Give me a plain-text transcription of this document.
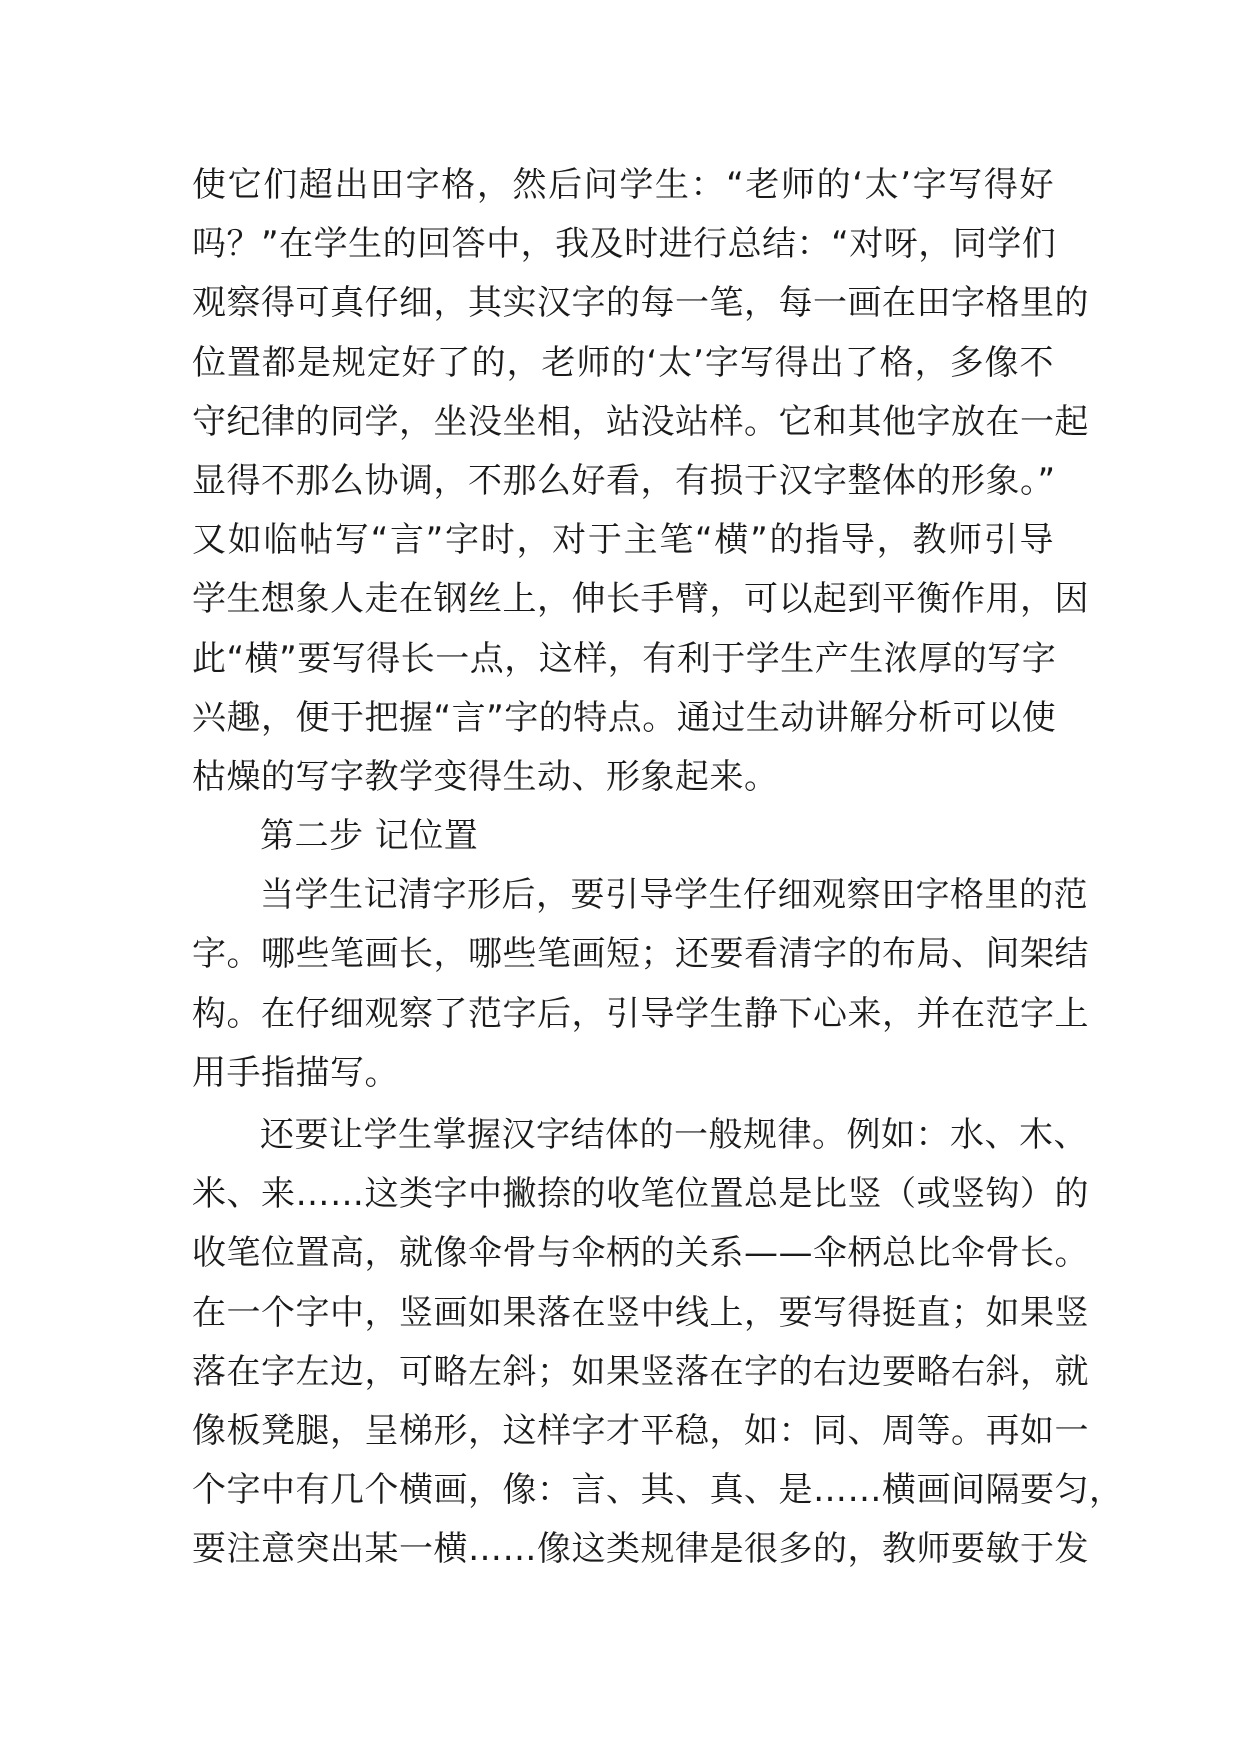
使它们超出田字格，然后问学生：“老师的‘太’字写得好
吗？”在学生的回答中，我及时进行总结：“对呀，同学们
观察得可真仔细，其实汉字的每一笔，每一画在田字格里的
位置都是规定好了的，老师的‘太’字写得出了格，多像不
守纪律的同学，坐没坐相，站没站样。它和其他字放在一起
显得不那么协调，不那么好看，有损于汉字整体的形象。”
又如临帖写“言”字时，对于主笔“横”的指导，教师引导
学生想象人走在钢丝上，伸长手臂，可以起到平衡作用，因
此“横”要写得长一点，这样，有利于学生产生浓厚的写字
兴趣，便于把握“言”字的特点。通过生动讲解分析可以使
枯燥的写字教学变得生动、形象起来。
第二步 记位置
当学生记清字形后，要引导学生仔细观察田字格里的范
字。哪些笔画长，哪些笔画短；还要看清字的布局、间架结
构。在仔细观察了范字后，引导学生静下心来，并在范字上
用手指描写。
还要让学生掌握汉字结体的一般规律。例如：水、木、
米、来……这类字中撇捺的收笔位置总是比竖（或竖钩）的
收笔位置高，就像伞骨与伞柄的关系——伞柄总比伞骨长。
在一个字中，竖画如果落在竖中线上，要写得挺直；如果竖
落在字左边，可略左斜；如果竖落在字的右边要略右斜，就
像板凳腿，呈梯形，这样字才平稳，如：同、周等。再如一
个字中有几个横画，像：言、其、真、是……横画间隔要匀，
要注意突出某一横……像这类规律是很多的，教师要敏于发
